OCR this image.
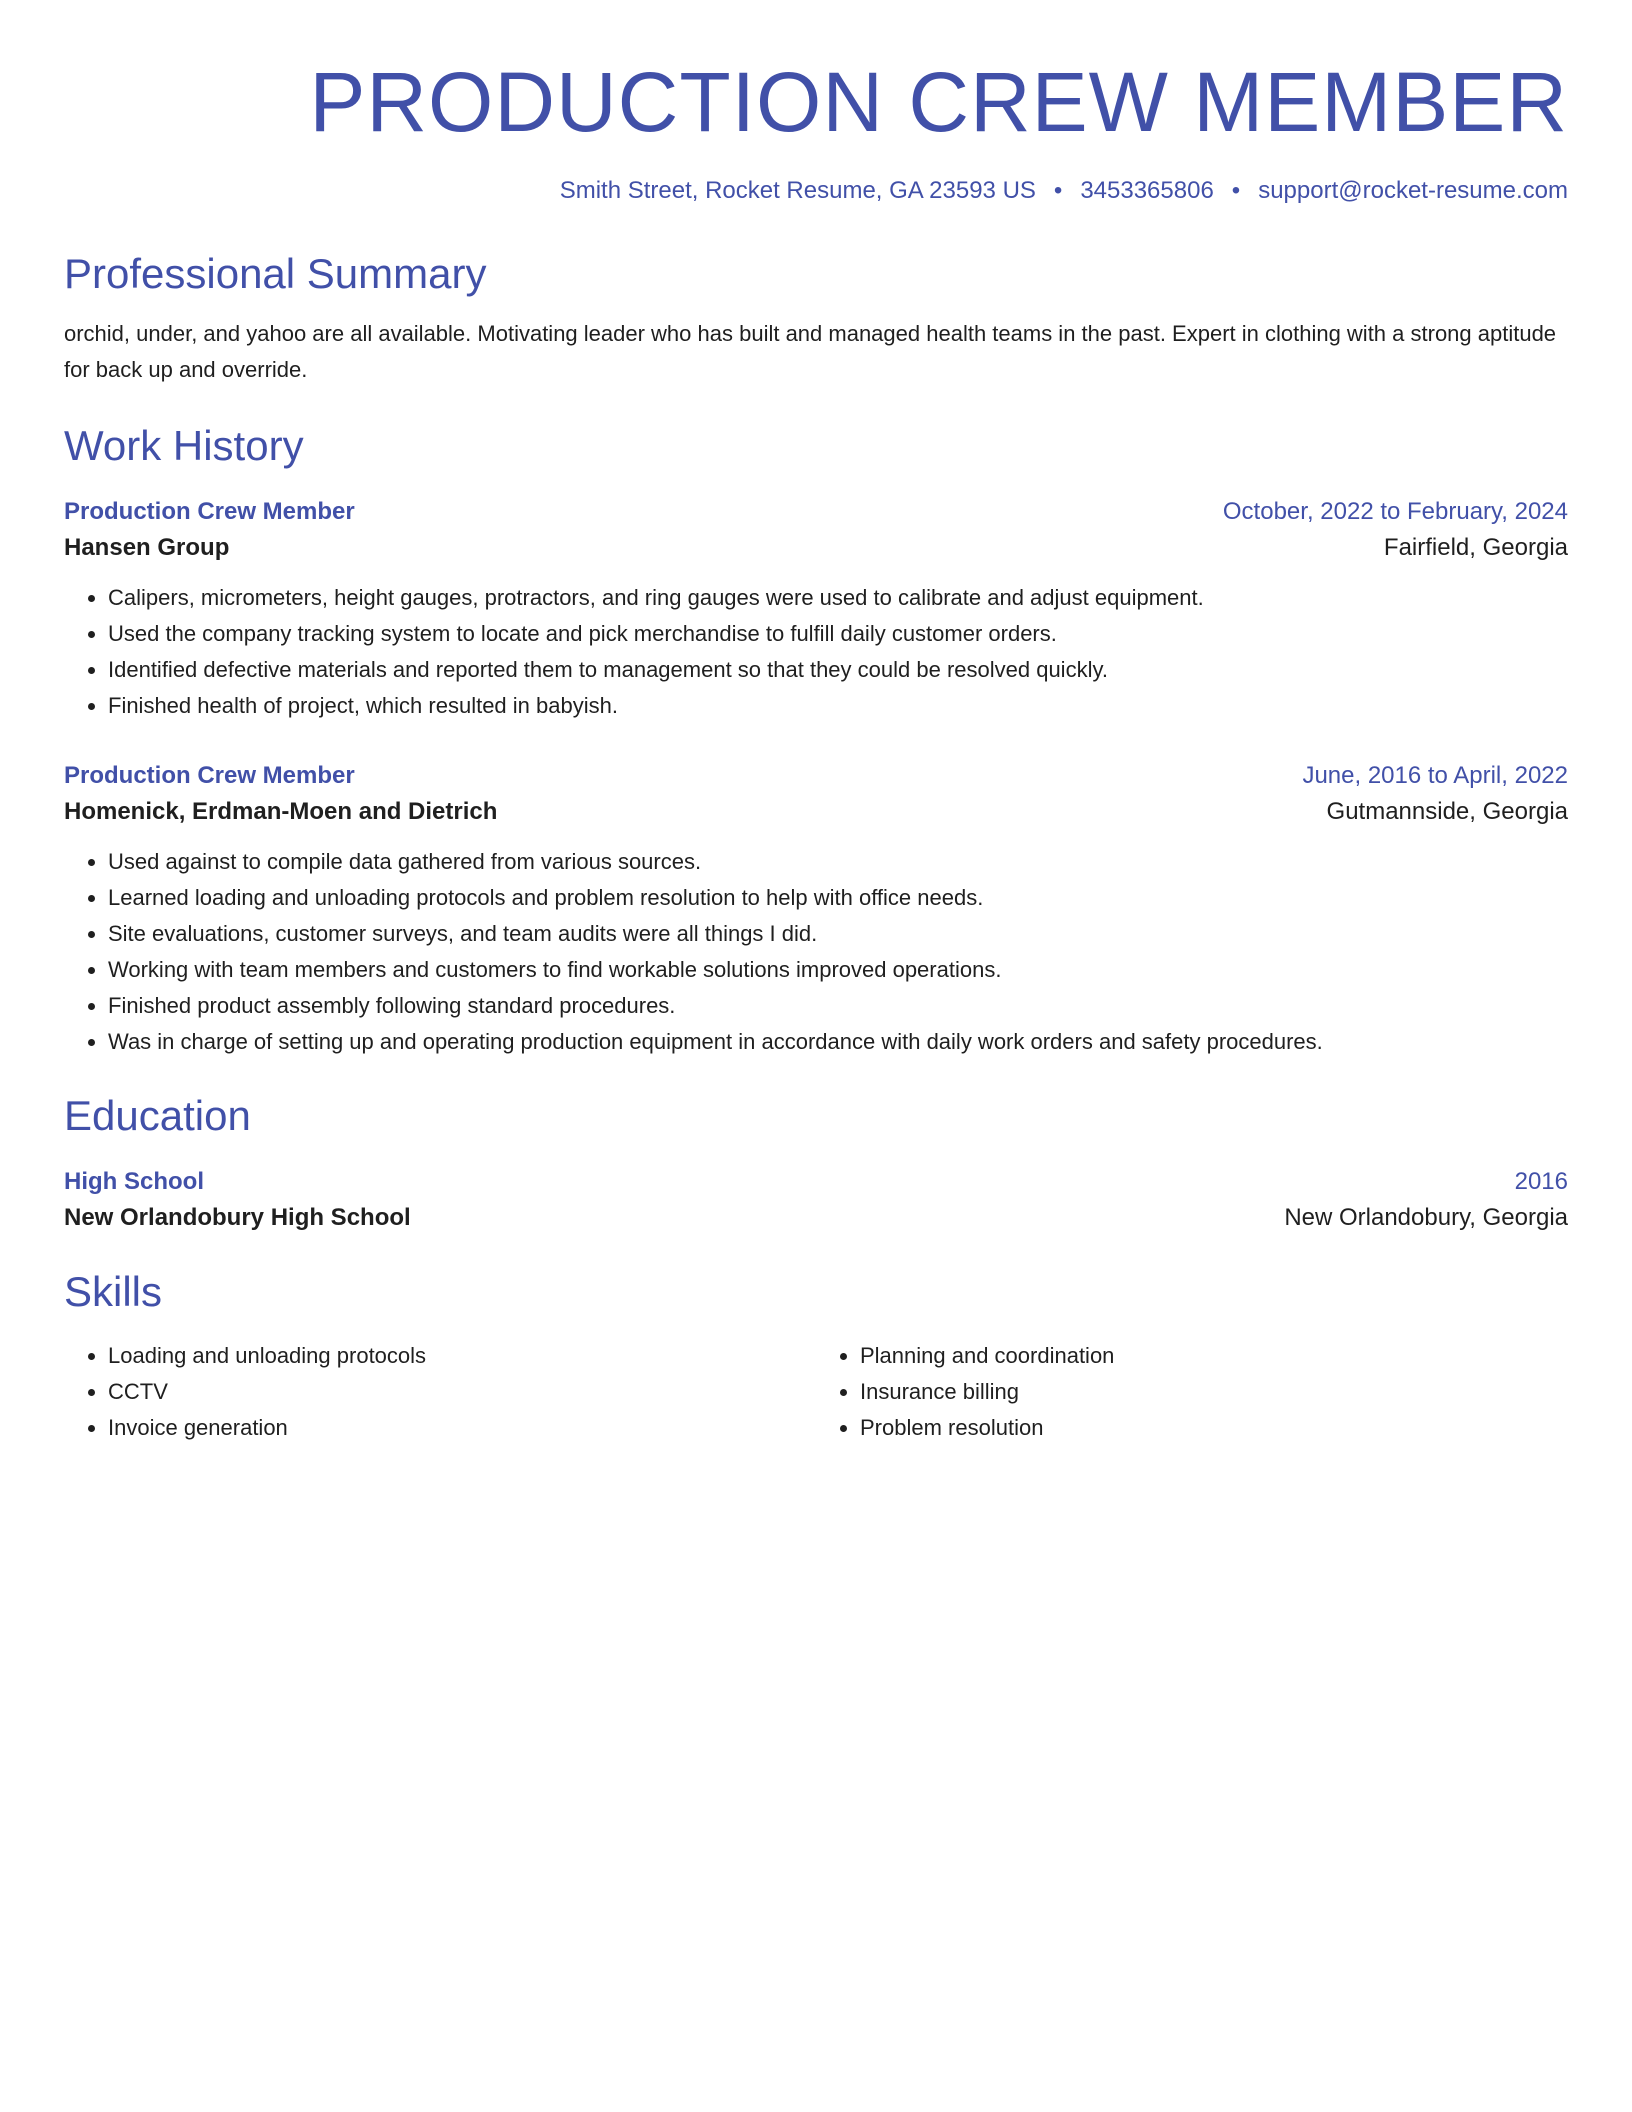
PRODUCTION CREW MEMBER
Smith Street, Rocket Resume, GA 23593 US • 3453365806 • support@rocket-resume.com
Professional Summary
orchid, under, and yahoo are all available. Motivating leader who has built and managed health teams in the past. Expert in clothing with a strong aptitude for back up and override.
Work History
Production Crew Member	October, 2022 to February, 2024
Hansen Group	Fairfield, Georgia
• Calipers, micrometers, height gauges, protractors, and ring gauges were used to calibrate and adjust equipment.
• Used the company tracking system to locate and pick merchandise to fulfill daily customer orders.
• Identified defective materials and reported them to management so that they could be resolved quickly.
• Finished health of project, which resulted in babyish.
Production Crew Member	June, 2016 to April, 2022
Homenick, Erdman-Moen and Dietrich	Gutmannside, Georgia
• Used against to compile data gathered from various sources.
• Learned loading and unloading protocols and problem resolution to help with office needs.
• Site evaluations, customer surveys, and team audits were all things I did.
• Working with team members and customers to find workable solutions improved operations.
• Finished product assembly following standard procedures.
• Was in charge of setting up and operating production equipment in accordance with daily work orders and safety procedures.
Education
High School	2016
New Orlandobury High School	New Orlandobury, Georgia
Skills
• Loading and unloading protocols
• CCTV
• Invoice generation
• Planning and coordination
• Insurance billing
• Problem resolution
